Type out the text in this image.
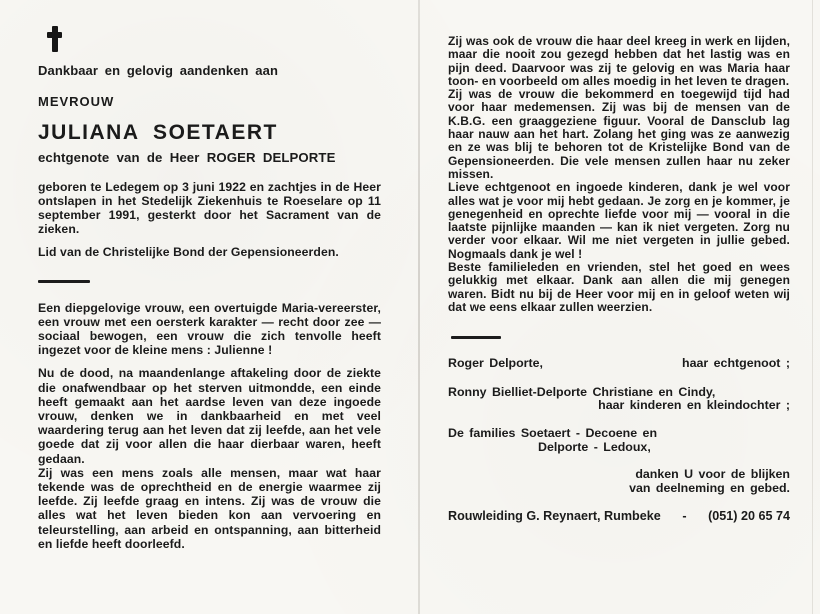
Dankbaar en gelovig aandenken aan
MEVROUW
JULIANA SOETAERT
echtgenote van de Heer ROGER DELPORTE

geboren te Ledegem op 3 juni 1922 en zachtjes in de Heer ontslapen in het Stedelijk Ziekenhuis te Roeselare op 11 september 1991, gesterkt door het Sacrament van de zieken.

Lid van de Christelijke Bond der Gepensioneerden.

Een diepgelovige vrouw, een overtuigde Maria-vereerster, een vrouw met een oersterk karakter — recht door zee — sociaal bewogen, een vrouw die zich tenvolle heeft ingezet voor de kleine mens : Julienne !

Nu de dood, na maandenlange aftakeling door de ziekte die onafwendbaar op het sterven uitmondde, een einde heeft gemaakt aan het aardse leven van deze ingoede vrouw, denken we in dankbaarheid en met veel waardering terug aan het leven dat zij leefde, aan het vele goede dat zij voor allen die haar dierbaar waren, heeft gedaan.

Zij was een mens zoals alle mensen, maar wat haar tekende was de oprechtheid en de energie waarmee zij leefde. Zij leefde graag en intens. Zij was de vrouw die alles wat het leven bieden kon aan vervoering en teleurstelling, aan arbeid en ontspanning, aan bitterheid en liefde heeft doorleefd.

Zij was ook de vrouw die haar deel kreeg in werk en lijden, maar die nooit zou gezegd hebben dat het lastig was en pijn deed. Daarvoor was zij te gelovig en was Maria haar toon- en voorbeeld om alles moedig in het leven te dragen.

Zij was de vrouw die bekommerd en toegewijd tijd had voor haar medemensen. Zij was bij de mensen van de K.B.G. een graaggeziene figuur. Vooral de Dansclub lag haar nauw aan het hart. Zolang het ging was ze aanwezig en ze was blij te behoren tot de Kristelijke Bond van de Gepensioneerden. Die vele mensen zullen haar nu zeker missen.

Lieve echtgenoot en ingoede kinderen, dank je wel voor alles wat je voor mij hebt gedaan. Je zorg en je kommer, je genegenheid en oprechte liefde voor mij — vooral in die laatste pijnlijke maanden — kan ik niet vergeten. Zorg nu verder voor elkaar. Wil me niet vergeten in jullie gebed. Nogmaals dank je wel !

Beste familieleden en vrienden, stel het goed en wees gelukkig met elkaar. Dank aan allen die mij genegen waren. Bidt nu bij de Heer voor mij en in geloof weten wij dat we eens elkaar zullen weerzien.

Roger Delporte,	haar echtgenoot ;
Ronny Bielliet-Delporte Christiane en Cindy,
haar kinderen en kleindochter ;
De families Soetaert - Decoene en
Delporte - Ledoux,
danken U voor de blijken
van deelneming en gebed.
Rouwleiding G. Reynaert, Rumbeke - (051) 20 65 74
